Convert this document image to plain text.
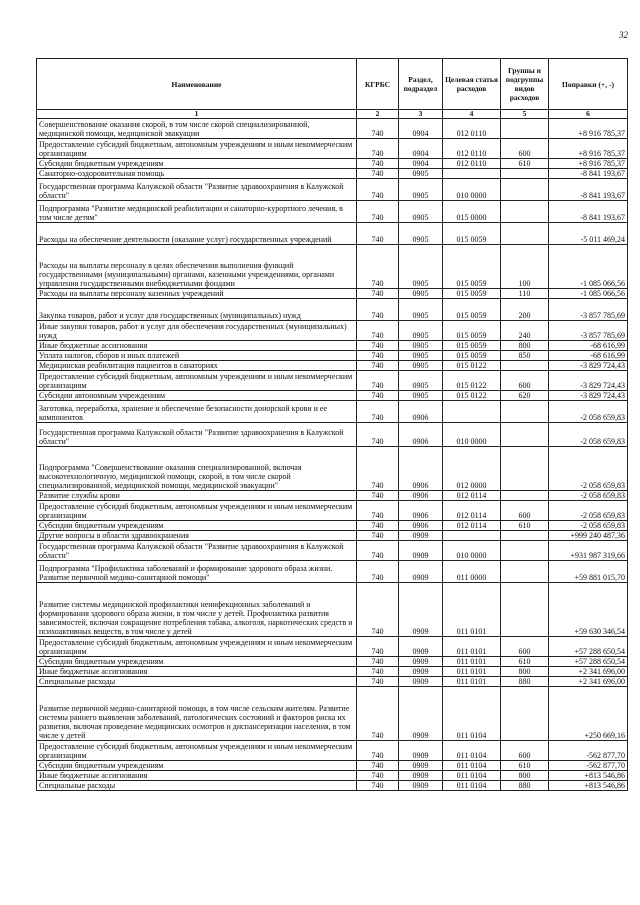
32
Наименование	КГРБС	Раздел, подраздел	Целевая статья расходов	Группы и подгруппы видов расходов	Поправки (+, -)
1	2	3	4	5	6
Совершенствование оказания скорой, в том числе скорой специализированной, медицинской помощи, медицинской эвакуации	740	0904	012 0110		+8 916 785,37
Предоставление субсидий бюджетным, автономным учреждениям и иным некоммерческим организациям	740	0904	012 0110	600	+8 916 785,37
Субсидии бюджетным учреждениям	740	0904	012 0110	610	+8 916 785,37
Санаторно-оздоровительная помощь	740	0905			-8 841 193,67
Государственная программа Калужской области "Развитие здравоохранения в Калужской области"	740	0905	010 0000		-8 841 193,67
Подпрограмма "Развитие медицинской реабилитации и санаторно-курортного лечения, в том числе детям"	740	0905	015 0000		-8 841 193,67
Расходы на обеспечение деятельности (оказание услуг) государственных учреждений	740	0905	015 0059		-5 011 469,24
Расходы на выплаты персоналу в целях обеспечения выполнения функций государственными (муниципальными) органами, казенными учреждениями, органами управления государственными внебюджетными фондами	740	0905	015 0059	100	-1 085 066,56
Расходы на выплаты персоналу казенных учреждений	740	0905	015 0059	110	-1 085 066,56
Закупка товаров, работ и услуг для государственных (муниципальных) нужд	740	0905	015 0059	200	-3 857 785,69
Иные закупки товаров, работ и услуг для обеспечения государственных (муниципальных) нужд	740	0905	015 0059	240	-3 857 785,69
Иные бюджетные ассигнования	740	0905	015 0059	800	-68 616,99
Уплата налогов, сборов и иных платежей	740	0905	015 0059	850	-68 616,99
Медицинская реабилитация пациентов в санаториях	740	0905	015 0122		-3 829 724,43
Предоставление субсидий бюджетным, автономным учреждениям и иным некоммерческим организациям	740	0905	015 0122	600	-3 829 724,43
Субсидии автономным учреждениям	740	0905	015 0122	620	-3 829 724,43
Заготовка, переработка, хранение и обеспечение безопасности донорской крови и ее компонентов	740	0906			-2 058 659,83
Государственная программа Калужской области "Развитие здравоохранения в Калужской области"	740	0906	010 0000		-2 058 659,83
Подпрограмма "Совершенствование оказания специализированной, включая высокотехнологичную, медицинской помощи, скорой, в том числе скорой специализированной, медицинской помощи, медицинской эвакуации"	740	0906	012 0000		-2 058 659,83
Развитие службы крови	740	0906	012 0114		-2 058 659,83
Предоставление субсидий бюджетным, автономным учреждениям и иным некоммерческим организациям	740	0906	012 0114	600	-2 058 659,83
Субсидии бюджетным учреждениям	740	0906	012 0114	610	-2 058 659,83
Другие вопросы в области здравоохранения	740	0909			+999 240 487,36
Государственная программа Калужской области "Развитие здравоохранения в Калужской области"	740	0909	010 0000		+931 987 319,66
Подпрограмма "Профилактика заболеваний и формирование здорового образа жизни. Развитие первичной медико-санитарной помощи"	740	0909	011 0000		+59 881 015,70
Развитие системы медицинской профилактики неинфекционных заболеваний и формирования здорового образа жизни, в том числе у детей. Профилактика развития зависимостей, включая сокращение потребления табака, алкоголя, наркотических средств и психоактивных веществ, в том числе у детей	740	0909	011 0101		+59 630 346,54
Предоставление субсидий бюджетным, автономным учреждениям и иным некоммерческим организациям	740	0909	011 0101	600	+57 288 650,54
Субсидии бюджетным учреждениям	740	0909	011 0101	610	+57 288 650,54
Иные бюджетные ассигнования	740	0909	011 0101	800	+2 341 696,00
Специальные расходы	740	0909	011 0101	880	+2 341 696,00
Развитие первичной медико-санитарной помощи, в том числе сельским жителям. Развитие системы раннего выявления заболеваний, патологических состояний и факторов риска их развития, включая проведение медицинских осмотров и диспансеризации населения, в том числе у детей	740	0909	011 0104		+250 669,16
Предоставление субсидий бюджетным, автономным учреждениям и иным некоммерческим организациям	740	0909	011 0104	600	-562 877,70
Субсидии бюджетным учреждениям	740	0909	011 0104	610	-562 877,70
Иные бюджетные ассигнования	740	0909	011 0104	800	+813 546,86
Специальные расходы	740	0909	011 0104	880	+813 546,86
